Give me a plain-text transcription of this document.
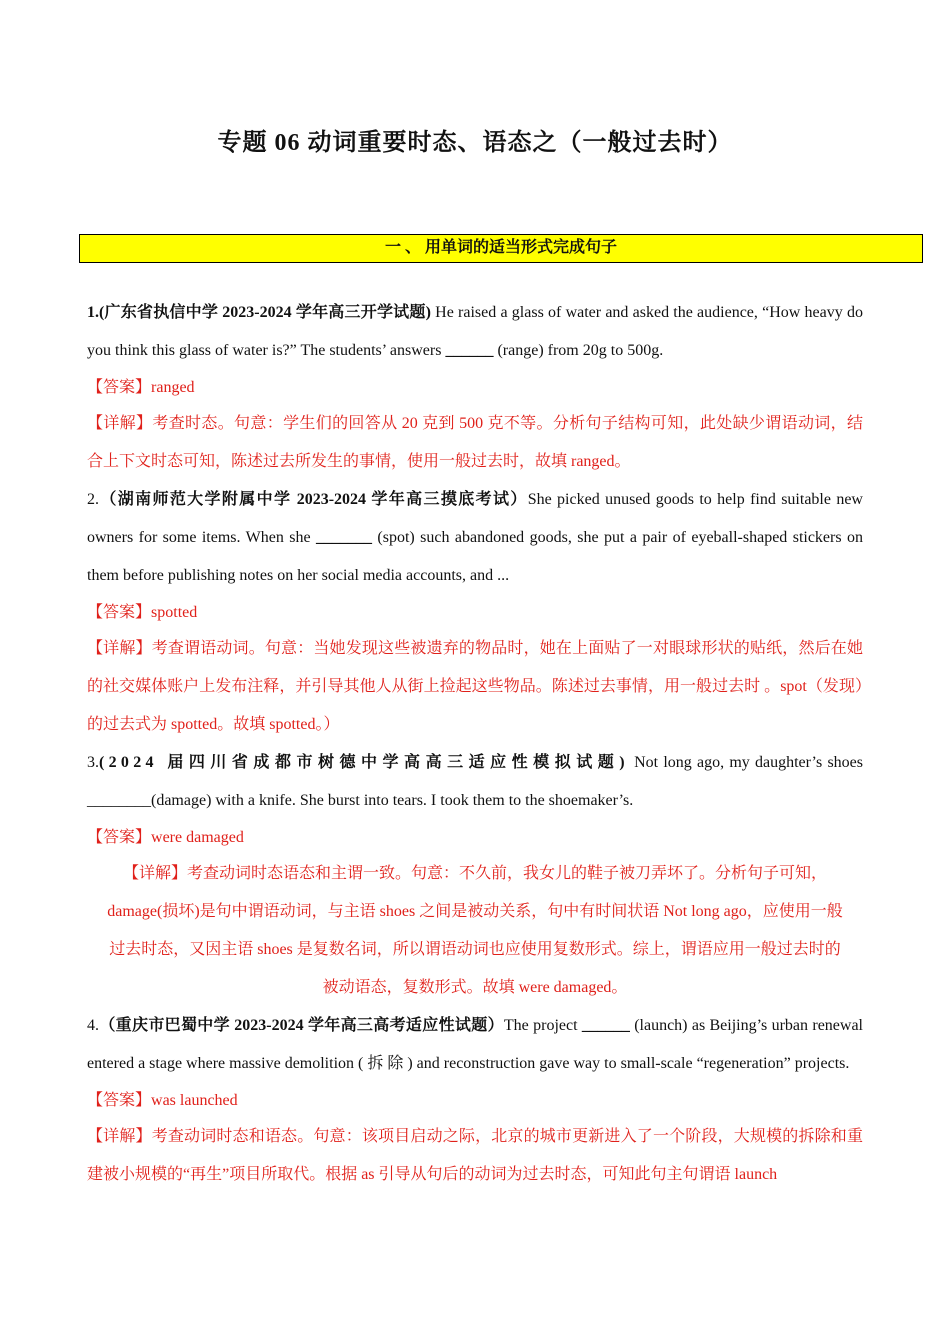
专题 06 动词重要时态、语态之（一般过去时）
一 、 用单词的适当形式完成句子

1.(广东省执信中学 2023-2024 学年高三开学试题) He raised a glass of water and asked the audience, “How heavy do you think this glass of water is?” The students’ answers ______ (range) from 20g to 500g.

【答案】ranged

【详解】考查时态。句意：学生们的回答从 20 克到 500 克不等。分析句子结构可知，此处缺少谓语动词，结合上下文时态可知，陈述过去所发生的事情，使用一般过去时，故填 ranged。

2.（湖南师范大学附属中学 2023-2024 学年高三摸底考试）She picked unused goods to help find suitable new owners for some items. When she _______ (spot) such abandoned goods, she put a pair of eyeball-shaped stickers on them before publishing notes on her social media accounts, and ...

【答案】spotted

【详解】考查谓语动词。句意：当她发现这些被遗弃的物品时，她在上面贴了一对眼球形状的贴纸，然后在她的社交媒体账户上发布注释，并引导其他人从街上捡起这些物品。陈述过去事情，用一般过去时 。spot（发现）的过去式为 spotted。故填 spotted。）

3.(2024 届四川省成都市树德中学高高三适应性模拟试题) Not long ago, my daughter’s shoes ________(damage) with a knife. She burst into tears. I took them to the shoemaker’s.

【答案】were damaged

【详解】考查动词时态语态和主谓一致。句意：不久前，我女儿的鞋子被刀弄坏了。分析句子可知，

damage(损坏)是句中谓语动词，与主语 shoes 之间是被动关系，句中有时间状语 Not long ago，应使用一般

过去时态，又因主语 shoes 是复数名词，所以谓语动词也应使用复数形式。综上，谓语应用一般过去时的

被动语态，复数形式。故填 were damaged。

4.（重庆市巴蜀中学 2023-2024 学年高三高考适应性试题）The project ______ (launch) as Beijing’s urban renewal entered a stage where massive demolition ( 拆 除 ) and reconstruction gave way to small-scale “regeneration” projects.

【答案】was launched

【详解】考查动词时态和语态。句意：该项目启动之际，北京的城市更新进入了一个阶段，大规模的拆除和重建被小规模的“再生”项目所取代。根据 as 引导从句后的动词为过去时态，可知此句主句谓语 launch
